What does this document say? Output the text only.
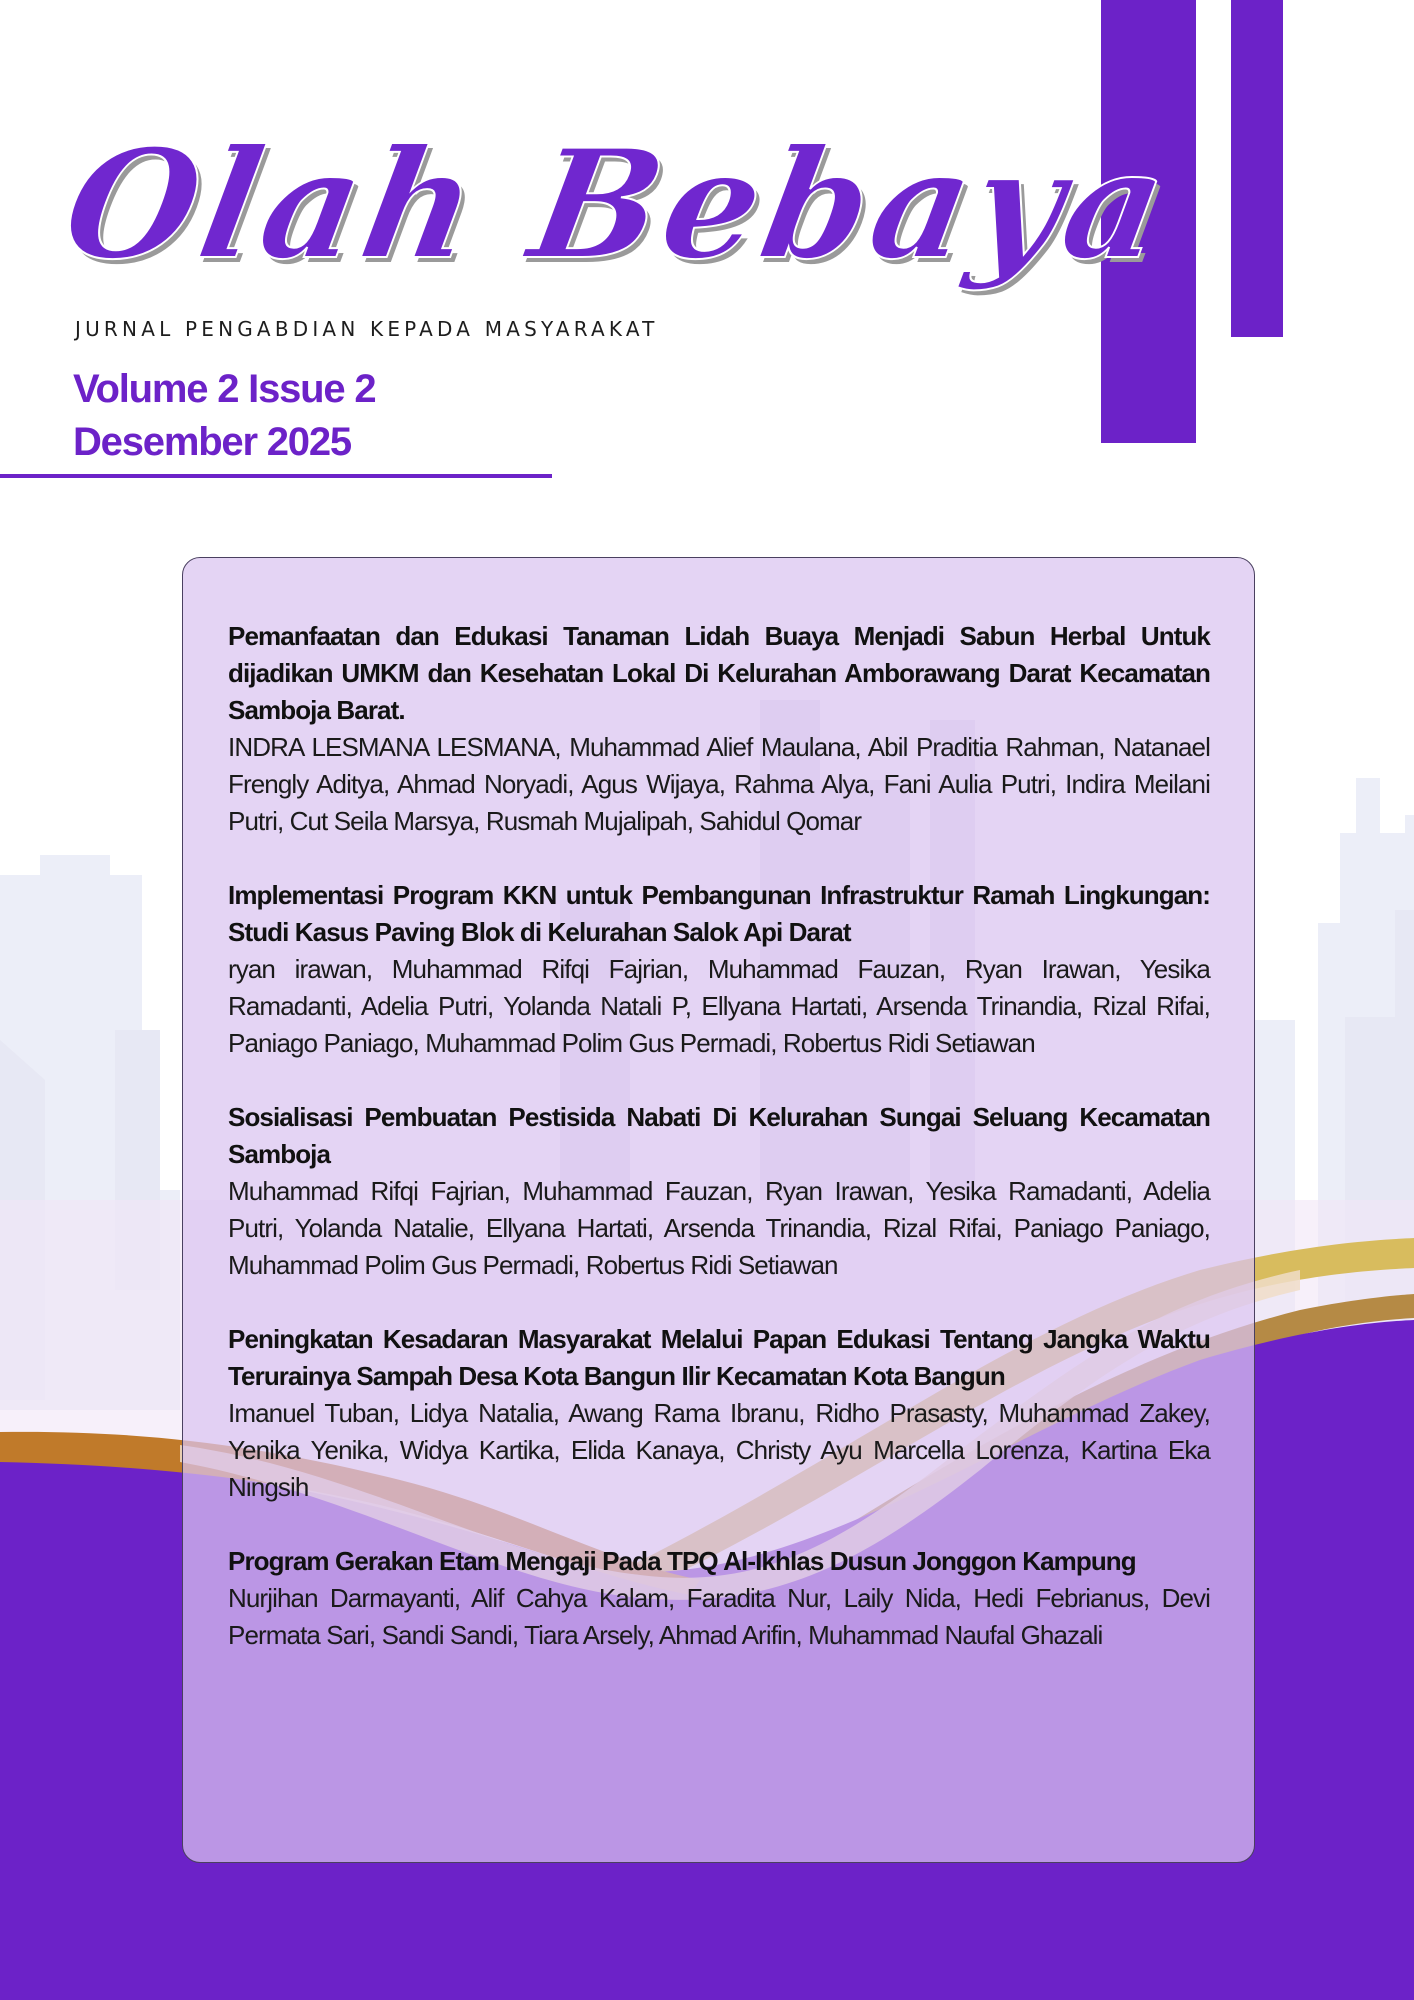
Olah Bebaya
JURNAL PENGABDIAN KEPADA MASYARAKAT
Volume 2 Issue 2
Desember 2025
Pemanfaatan dan Edukasi Tanaman Lidah Buaya Menjadi Sabun Herbal Untuk dijadikan UMKM dan Kesehatan Lokal Di Kelurahan Amborawang Darat Kecamatan Samboja Barat.
INDRA LESMANA LESMANA, Muhammad Alief Maulana, Abil Praditia Rahman, Natanael Frengly Aditya, Ahmad Noryadi, Agus Wijaya, Rahma Alya, Fani Aulia Putri, Indira Meilani Putri, Cut Seila Marsya, Rusmah Mujalipah, Sahidul Qomar
Implementasi Program KKN untuk Pembangunan Infrastruktur Ramah Lingkungan: Studi Kasus Paving Blok di Kelurahan Salok Api Darat
ryan irawan, Muhammad Rifqi Fajrian, Muhammad Fauzan, Ryan Irawan, Yesika Ramadanti, Adelia Putri, Yolanda Natali P, Ellyana Hartati, Arsenda Trinandia, Rizal Rifai, Paniago Paniago, Muhammad Polim Gus Permadi, Robertus Ridi Setiawan
Sosialisasi Pembuatan Pestisida Nabati Di Kelurahan Sungai Seluang Kecamatan Samboja
Muhammad Rifqi Fajrian, Muhammad Fauzan, Ryan Irawan, Yesika Ramadanti, Adelia Putri, Yolanda Natalie, Ellyana Hartati, Arsenda Trinandia, Rizal Rifai, Paniago Paniago, Muhammad Polim Gus Permadi, Robertus Ridi Setiawan
Peningkatan Kesadaran Masyarakat Melalui Papan Edukasi Tentang Jangka Waktu Terurainya Sampah Desa Kota Bangun Ilir Kecamatan Kota Bangun
Imanuel Tuban, Lidya Natalia, Awang Rama Ibranu, Ridho Prasasty, Muhammad Zakey, Yenika Yenika, Widya Kartika, Elida Kanaya, Christy Ayu Marcella Lorenza, Kartina Eka Ningsih
Program Gerakan Etam Mengaji Pada TPQ Al-Ikhlas Dusun Jonggon Kampung
Nurjihan Darmayanti, Alif Cahya Kalam, Faradita Nur, Laily Nida, Hedi Febrianus, Devi Permata Sari, Sandi Sandi, Tiara Arsely, Ahmad Arifin, Muhammad Naufal Ghazali
